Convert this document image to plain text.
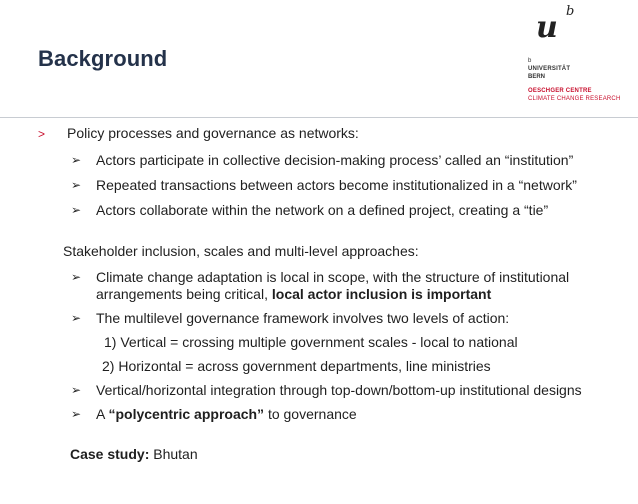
Background
u b
b
UNIVERSITÄT
BERN
OESCHGER CENTRE
CLIMATE CHANGE RESEARCH
> Policy processes and governance as networks:
➢ Actors participate in collective decision-making process’ called an “institution”
➢ Repeated transactions between actors become institutionalized in a “network”
➢ Actors collaborate within the network on a defined project, creating a “tie”
Stakeholder inclusion, scales and multi-level approaches:
➢ Climate change adaptation is local in scope, with the structure of institutional
arrangements being critical, local actor inclusion is important
➢ The multilevel governance framework involves two levels of action:
1) Vertical = crossing multiple government scales - local to national
2) Horizontal = across government departments, line ministries
➢ Vertical/horizontal integration through top-down/bottom-up institutional designs
➢ A “polycentric approach” to governance
Case study: Bhutan
